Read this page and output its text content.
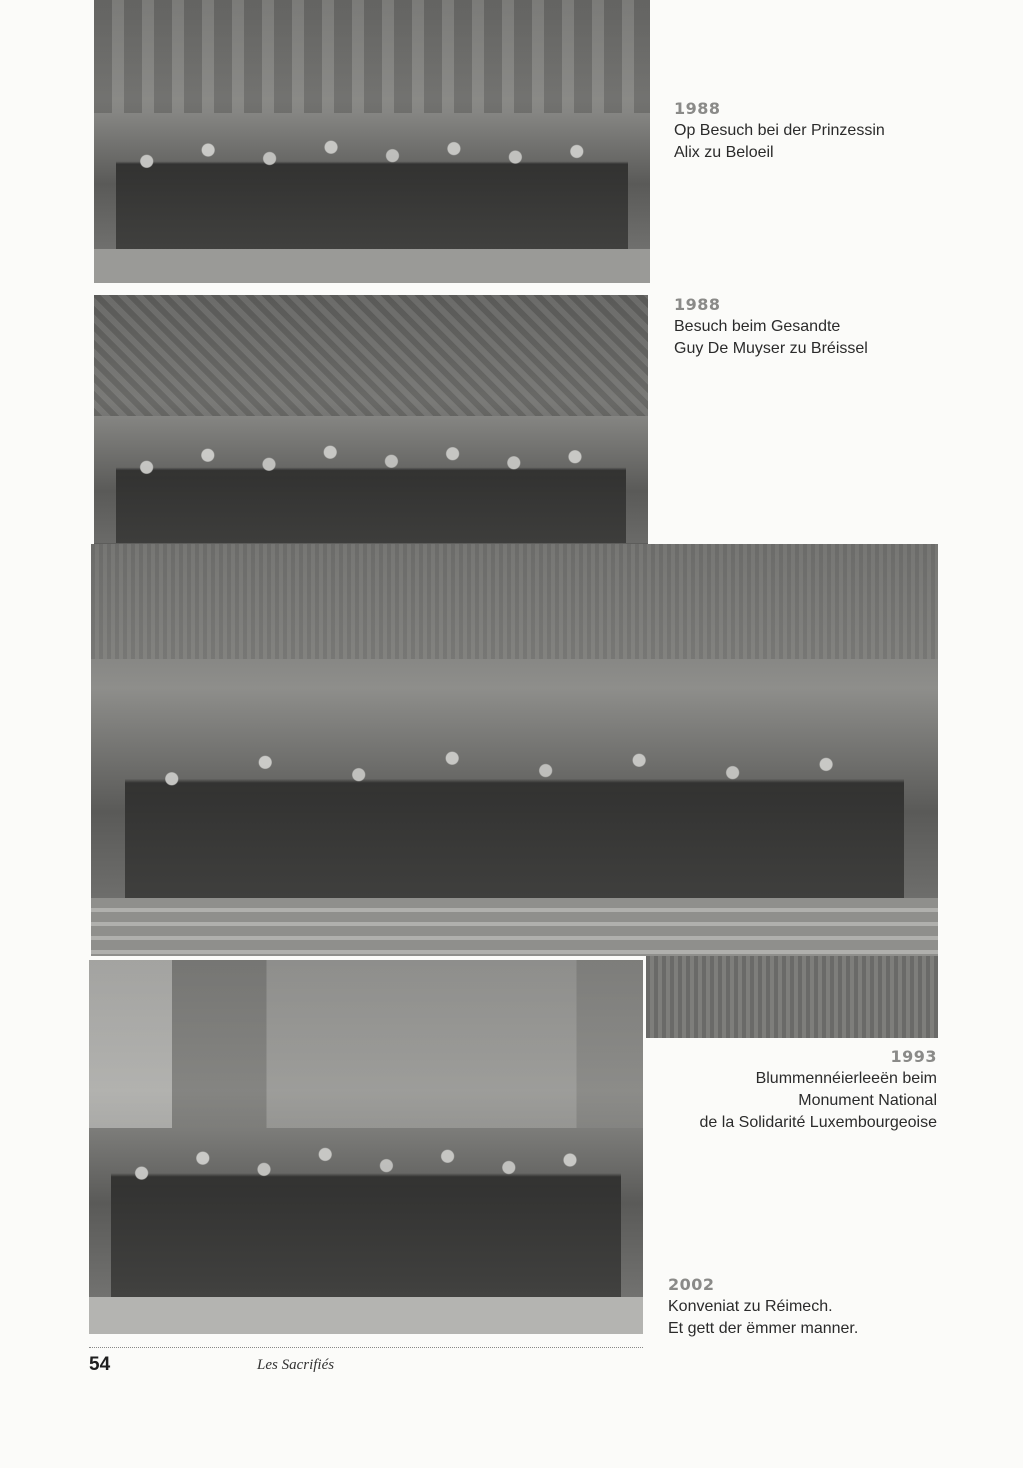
1988
Op Besuch bei der Prinzessin
Alix zu Beloeil
1988
Besuch beim Gesandte
Guy De Muyser zu Bréissel
1993
Blummennéierleeën beim
Monument National
de la Solidarité Luxembourgeoise
2002
Konveniat zu Réimech.
Et gett der ëmmer manner.
54	Les Sacrifiés
